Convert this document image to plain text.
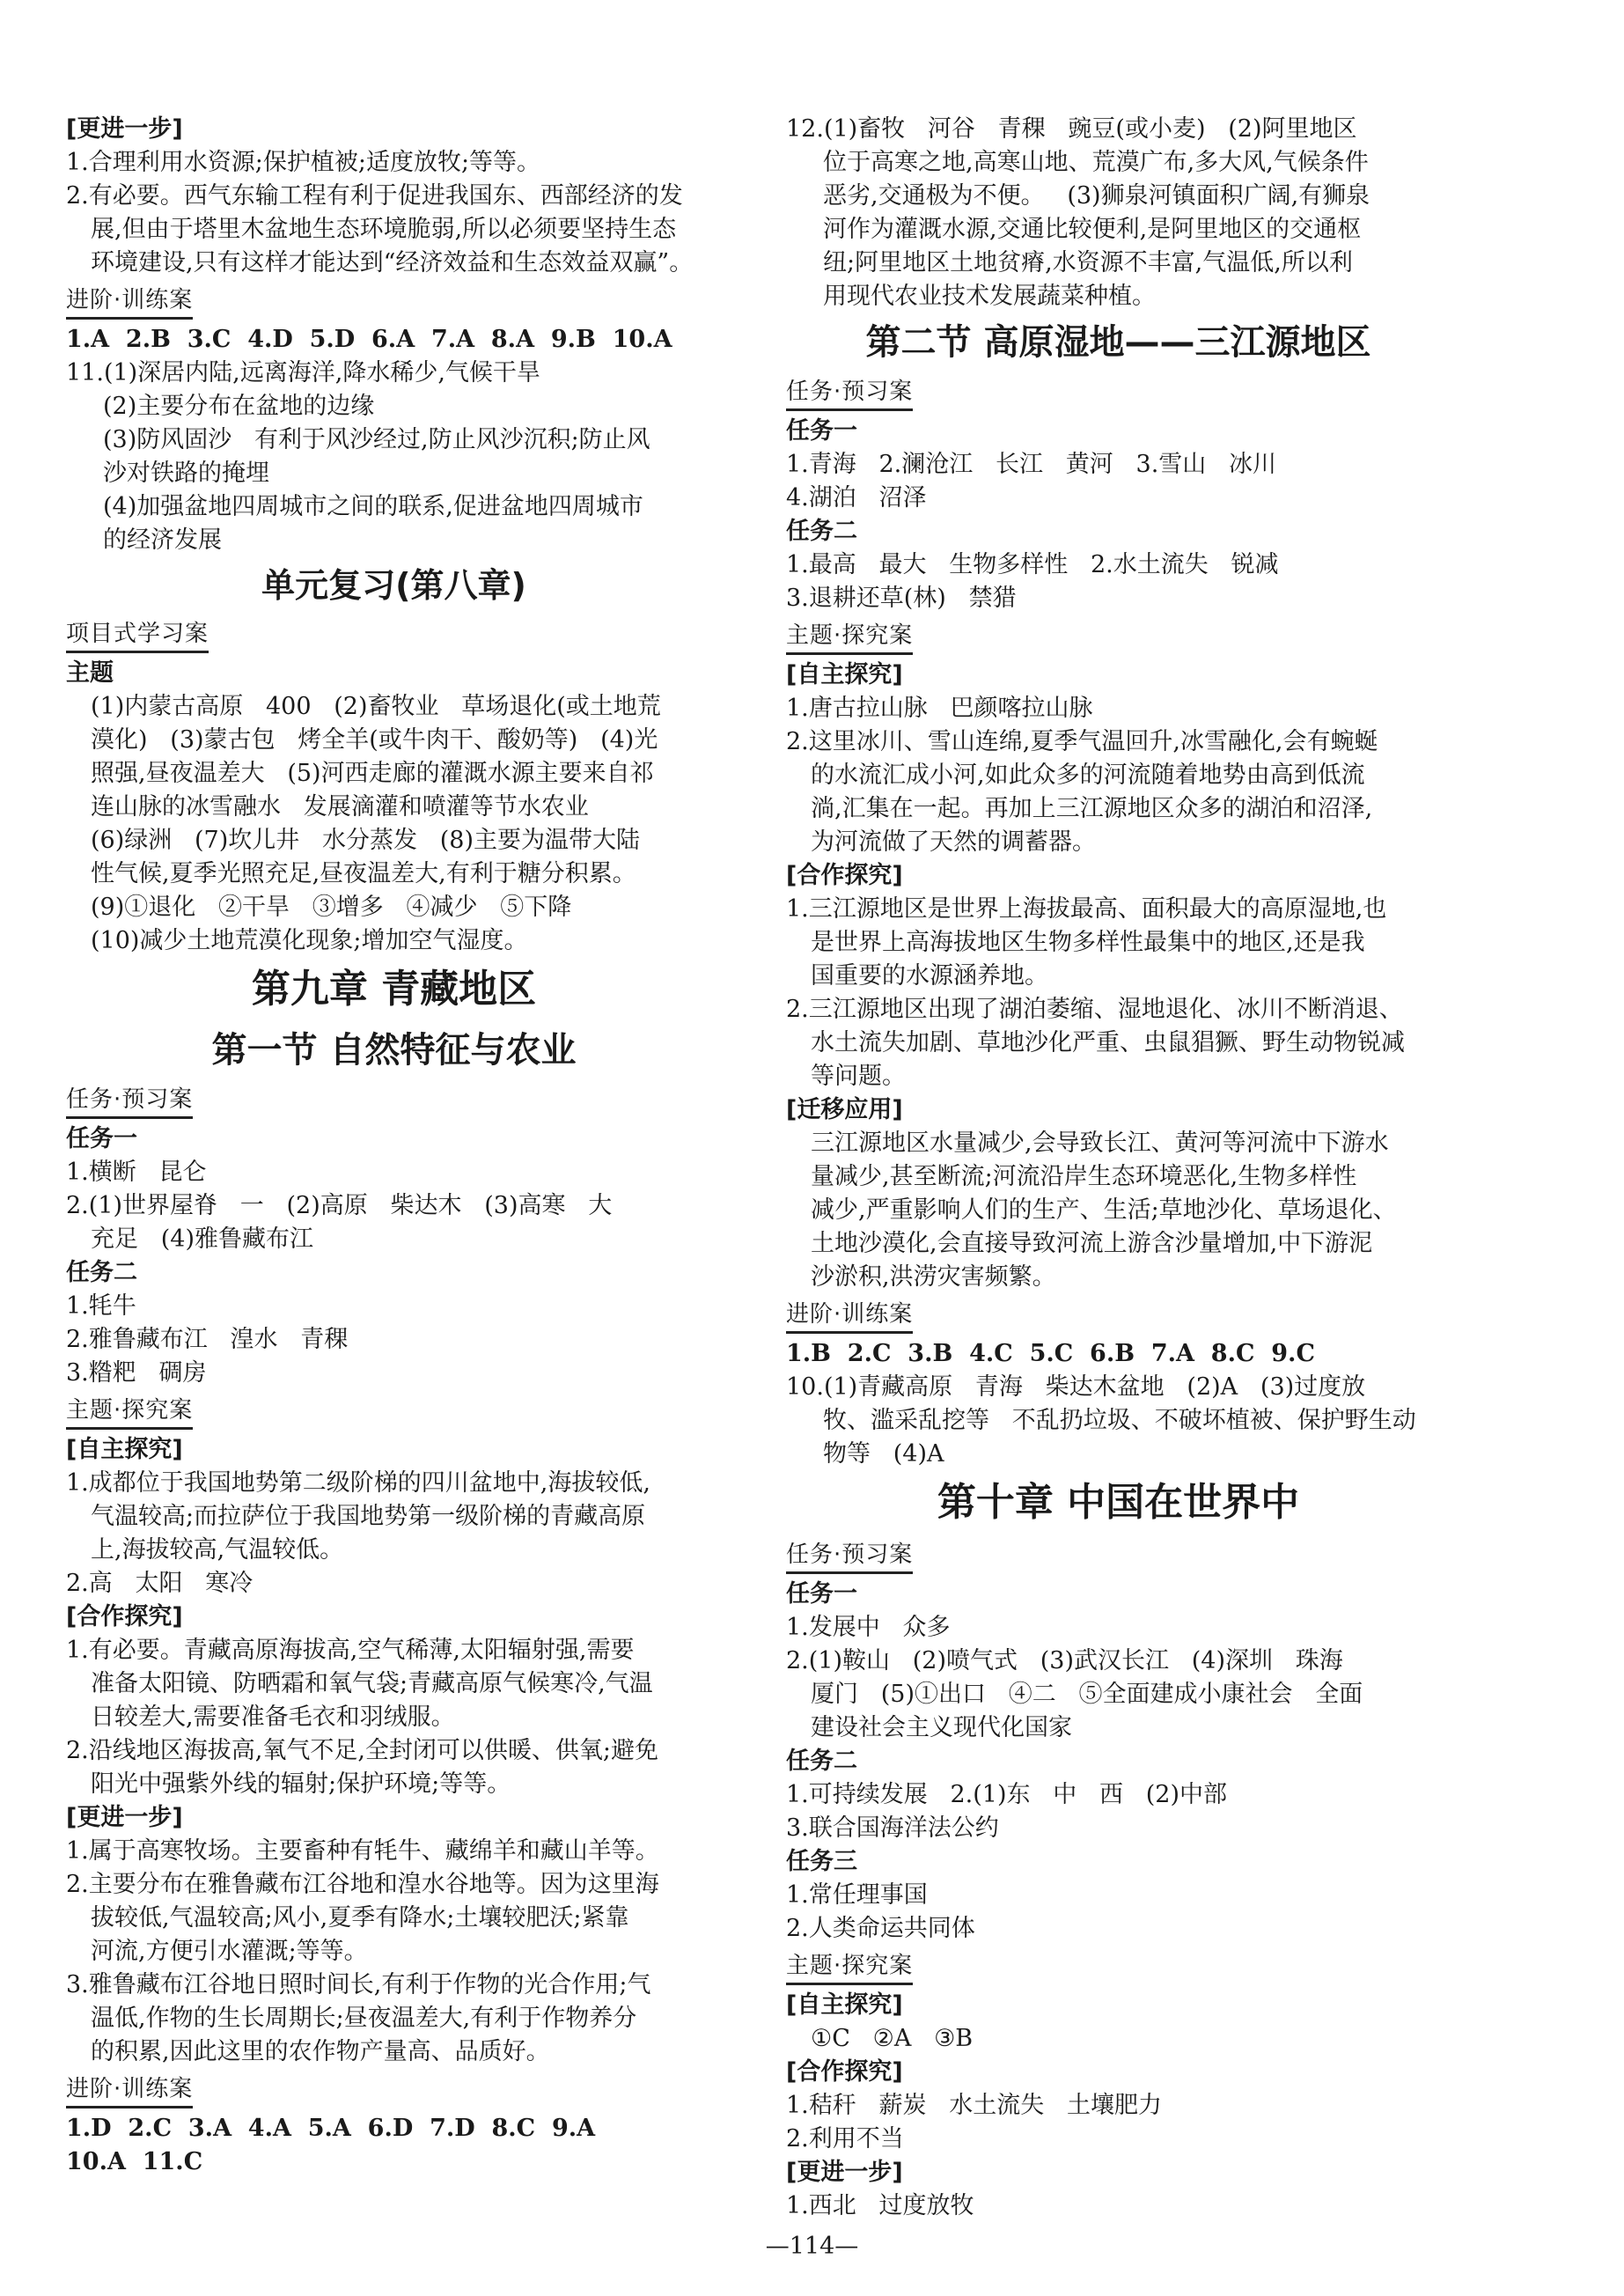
[更进一步]
1.合理利用水资源;保护植被;适度放牧;等等。
2.有必要。西气东输工程有利于促进我国东、西部经济的发
展,但由于塔里木盆地生态环境脆弱,所以必须要坚持生态
环境建设,只有这样才能达到“经济效益和生态效益双赢”。
进阶·训练案
1.A  2.B  3.C  4.D  5.D  6.A  7.A  8.A  9.B  10.A
11.(1)深居内陆,远离海洋,降水稀少,气候干旱
(2)主要分布在盆地的边缘
(3)防风固沙   有利于风沙经过,防止风沙沉积;防止风
沙对铁路的掩埋
(4)加强盆地四周城市之间的联系,促进盆地四周城市
的经济发展
单元复习(第八章)
项目式学习案
主题
(1)内蒙古高原   400   (2)畜牧业   草场退化(或土地荒
漠化)   (3)蒙古包   烤全羊(或牛肉干、酸奶等)   (4)光
照强,昼夜温差大   (5)河西走廊的灌溉水源主要来自祁
连山脉的冰雪融水   发展滴灌和喷灌等节水农业
(6)绿洲   (7)坎儿井   水分蒸发   (8)主要为温带大陆
性气候,夏季光照充足,昼夜温差大,有利于糖分积累。
(9)①退化   ②干旱   ③增多   ④减少   ⑤下降
(10)减少土地荒漠化现象;增加空气湿度。
第九章 青藏地区
第一节 自然特征与农业
任务·预习案
任务一
1.横断   昆仑
2.(1)世界屋脊   一   (2)高原   柴达木   (3)高寒   大
充足   (4)雅鲁藏布江
任务二
1.牦牛
2.雅鲁藏布江   湟水   青稞
3.糌粑   碉房
主题·探究案
[自主探究]
1.成都位于我国地势第二级阶梯的四川盆地中,海拔较低,
气温较高;而拉萨位于我国地势第一级阶梯的青藏高原
上,海拔较高,气温较低。
2.高   太阳   寒冷
[合作探究]
1.有必要。青藏高原海拔高,空气稀薄,太阳辐射强,需要
准备太阳镜、防晒霜和氧气袋;青藏高原气候寒冷,气温
日较差大,需要准备毛衣和羽绒服。
2.沿线地区海拔高,氧气不足,全封闭可以供暖、供氧;避免
阳光中强紫外线的辐射;保护环境;等等。
[更进一步]
1.属于高寒牧场。主要畜种有牦牛、藏绵羊和藏山羊等。
2.主要分布在雅鲁藏布江谷地和湟水谷地等。因为这里海
拔较低,气温较高;风小,夏季有降水;土壤较肥沃;紧靠
河流,方便引水灌溉;等等。
3.雅鲁藏布江谷地日照时间长,有利于作物的光合作用;气
温低,作物的生长周期长;昼夜温差大,有利于作物养分
的积累,因此这里的农作物产量高、品质好。
进阶·训练案
1.D  2.C  3.A  4.A  5.A  6.D  7.D  8.C  9.A
10.A  11.C
12.(1)畜牧   河谷   青稞   豌豆(或小麦)   (2)阿里地区
位于高寒之地,高寒山地、荒漠广布,多大风,气候条件
恶劣,交通极为不便。   (3)狮泉河镇面积广阔,有狮泉
河作为灌溉水源,交通比较便利,是阿里地区的交通枢
纽;阿里地区土地贫瘠,水资源不丰富,气温低,所以利
用现代农业技术发展蔬菜种植。
第二节 高原湿地——三江源地区
任务·预习案
任务一
1.青海   2.澜沧江   长江   黄河   3.雪山   冰川
4.湖泊   沼泽
任务二
1.最高   最大   生物多样性   2.水土流失   锐减
3.退耕还草(林)   禁猎
主题·探究案
[自主探究]
1.唐古拉山脉   巴颜喀拉山脉
2.这里冰川、雪山连绵,夏季气温回升,冰雪融化,会有蜿蜒
的水流汇成小河,如此众多的河流随着地势由高到低流
淌,汇集在一起。再加上三江源地区众多的湖泊和沼泽,
为河流做了天然的调蓄器。
[合作探究]
1.三江源地区是世界上海拔最高、面积最大的高原湿地,也
是世界上高海拔地区生物多样性最集中的地区,还是我
国重要的水源涵养地。
2.三江源地区出现了湖泊萎缩、湿地退化、冰川不断消退、
水土流失加剧、草地沙化严重、虫鼠猖獗、野生动物锐减
等问题。
[迁移应用]
三江源地区水量减少,会导致长江、黄河等河流中下游水
量减少,甚至断流;河流沿岸生态环境恶化,生物多样性
减少,严重影响人们的生产、生活;草地沙化、草场退化、
土地沙漠化,会直接导致河流上游含沙量增加,中下游泥
沙淤积,洪涝灾害频繁。
进阶·训练案
1.B  2.C  3.B  4.C  5.C  6.B  7.A  8.C  9.C
10.(1)青藏高原   青海   柴达木盆地   (2)A   (3)过度放
牧、滥采乱挖等   不乱扔垃圾、不破坏植被、保护野生动
物等   (4)A
第十章 中国在世界中
任务·预习案
任务一
1.发展中   众多
2.(1)鞍山   (2)喷气式   (3)武汉长江   (4)深圳   珠海
厦门   (5)①出口   ④二   ⑤全面建成小康社会   全面
建设社会主义现代化国家
任务二
1.可持续发展   2.(1)东   中   西   (2)中部
3.联合国海洋法公约
任务三
1.常任理事国
2.人类命运共同体
主题·探究案
[自主探究]
①C   ②A   ③B
[合作探究]
1.秸秆   薪炭   水土流失   土壤肥力
2.利用不当
[更进一步]
1.西北   过度放牧
—114—
